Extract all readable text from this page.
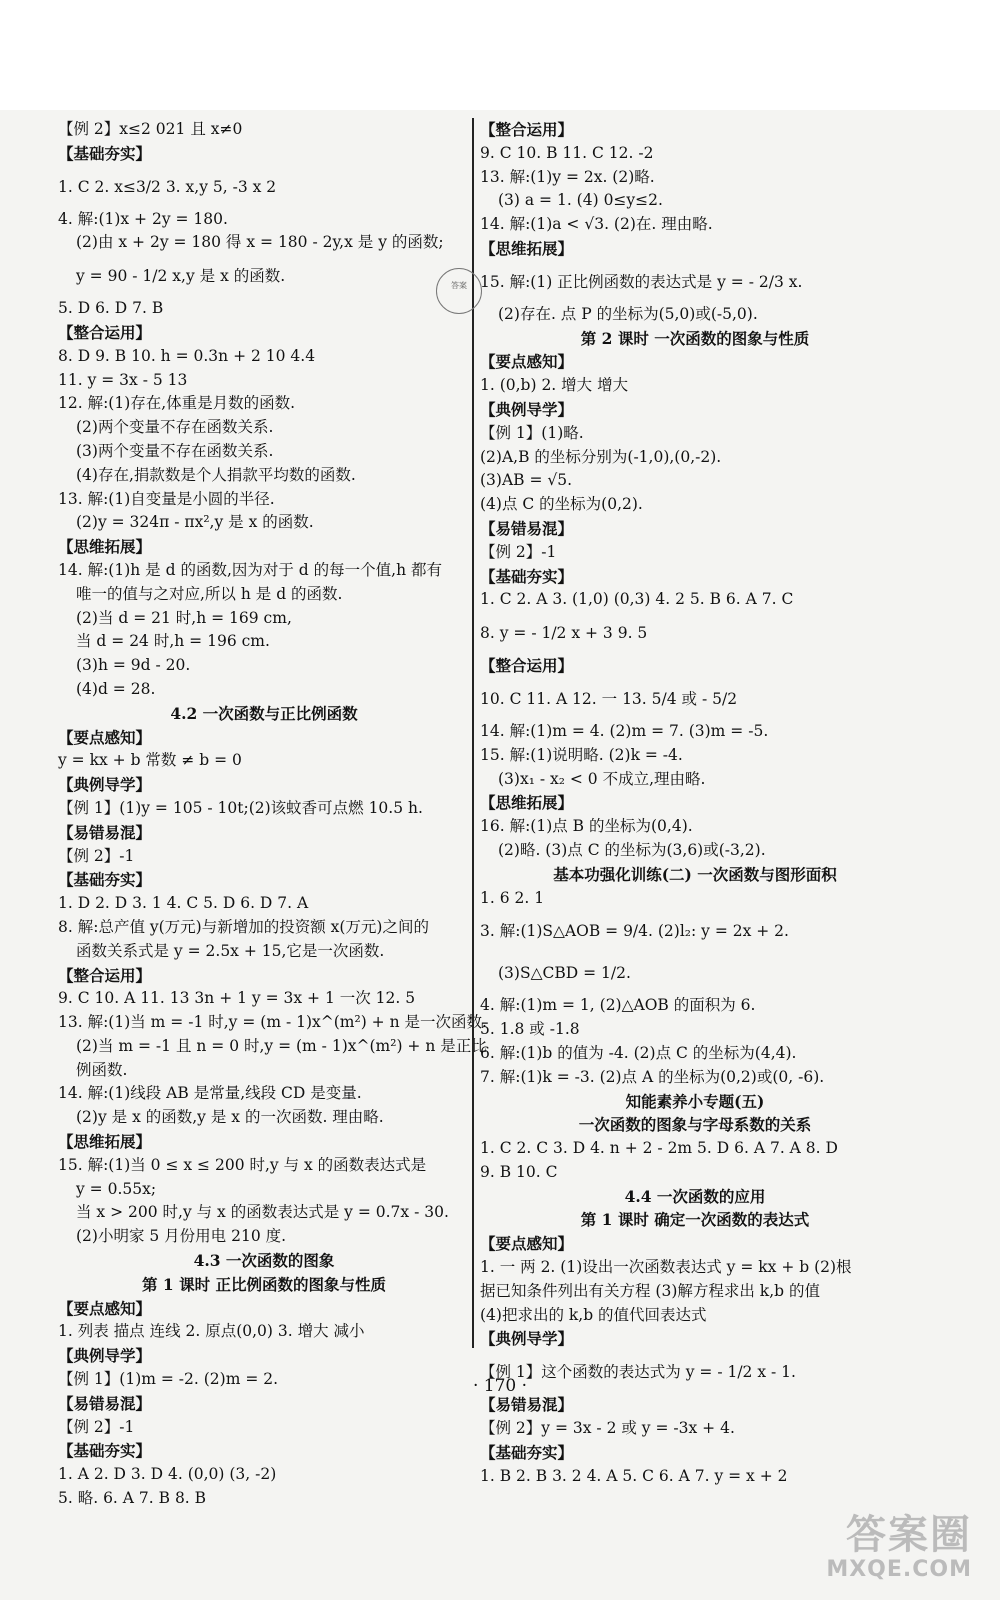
【例 2】x≤2 021 且 x≠0
【基础夯实】
1. C 2. x≤3/2 3. x,y 5, -3 x 2
4. 解:(1)x + 2y = 180.
(2)由 x + 2y = 180 得 x = 180 - 2y,x 是 y 的函数;
y = 90 - 1/2 x,y 是 x 的函数.
5. D 6. D 7. B
【整合运用】
8. D 9. B 10. h = 0.3n + 2 10 4.4
11. y = 3x - 5 13
12. 解:(1)存在,体重是月数的函数.
(2)两个变量不存在函数关系.
(3)两个变量不存在函数关系.
(4)存在,捐款数是个人捐款平均数的函数.
13. 解:(1)自变量是小圆的半径.
(2)y = 324π - πx²,y 是 x 的函数.
【思维拓展】
14. 解:(1)h 是 d 的函数,因为对于 d 的每一个值,h 都有
唯一的值与之对应,所以 h 是 d 的函数.
(2)当 d = 21 时,h = 169 cm,
当 d = 24 时,h = 196 cm.
(3)h = 9d - 20.
(4)d = 28.
4.2 一次函数与正比例函数
【要点感知】
y = kx + b 常数 ≠ b = 0
【典例导学】
【例 1】(1)y = 105 - 10t;(2)该蚊香可点燃 10.5 h.
【易错易混】
【例 2】-1
【基础夯实】
1. D 2. D 3. 1 4. C 5. D 6. D 7. A
8. 解:总产值 y(万元)与新增加的投资额 x(万元)之间的
函数关系式是 y = 2.5x + 15,它是一次函数.
【整合运用】
9. C 10. A 11. 13 3n + 1 y = 3x + 1 一次 12. 5
13. 解:(1)当 m = -1 时,y = (m - 1)x^(m²) + n 是一次函数.
(2)当 m = -1 且 n = 0 时,y = (m - 1)x^(m²) + n 是正比
例函数.
14. 解:(1)线段 AB 是常量,线段 CD 是变量.
(2)y 是 x 的函数,y 是 x 的一次函数. 理由略.
【思维拓展】
15. 解:(1)当 0 ≤ x ≤ 200 时,y 与 x 的函数表达式是
y = 0.55x;
当 x > 200 时,y 与 x 的函数表达式是 y = 0.7x - 30.
(2)小明家 5 月份用电 210 度.
4.3 一次函数的图象
第 1 课时 正比例函数的图象与性质
【要点感知】
1. 列表 描点 连线 2. 原点(0,0) 3. 增大 减小
【典例导学】
【例 1】(1)m = -2. (2)m = 2.
【易错易混】
【例 2】-1
【基础夯实】
1. A 2. D 3. D 4. (0,0) (3, -2)
5. 略. 6. A 7. B 8. B
【整合运用】
9. C 10. B 11. C 12. -2
13. 解:(1)y = 2x. (2)略.
(3) a = 1. (4) 0≤y≤2.
14. 解:(1)a < √3. (2)在. 理由略.
【思维拓展】
15. 解:(1) 正比例函数的表达式是 y = - 2/3 x.
(2)存在. 点 P 的坐标为(5,0)或(-5,0).
第 2 课时 一次函数的图象与性质
【要点感知】
1. (0,b) 2. 增大 增大
【典例导学】
【例 1】(1)略.
(2)A,B 的坐标分别为(-1,0),(0,-2).
(3)AB = √5.
(4)点 C 的坐标为(0,2).
【易错易混】
【例 2】-1
【基础夯实】
1. C 2. A 3. (1,0) (0,3) 4. 2 5. B 6. A 7. C
8. y = - 1/2 x + 3 9. 5
【整合运用】
10. C 11. A 12. 一 13. 5/4 或 - 5/2
14. 解:(1)m = 4. (2)m = 7. (3)m = -5.
15. 解:(1)说明略. (2)k = -4.
(3)x₁ - x₂ < 0 不成立,理由略.
【思维拓展】
16. 解:(1)点 B 的坐标为(0,4).
(2)略. (3)点 C 的坐标为(3,6)或(-3,2).
基本功强化训练(二) 一次函数与图形面积
1. 6 2. 1
3. 解:(1)S△AOB = 9/4. (2)l₂: y = 2x + 2.
(3)S△CBD = 1/2.
4. 解:(1)m = 1, (2)△AOB 的面积为 6.
5. 1.8 或 -1.8
6. 解:(1)b 的值为 -4. (2)点 C 的坐标为(4,4).
7. 解:(1)k = -3. (2)点 A 的坐标为(0,2)或(0, -6).
知能素养小专题(五)
一次函数的图象与字母系数的关系
1. C 2. C 3. D 4. n + 2 - 2m 5. D 6. A 7. A 8. D
9. B 10. C
4.4 一次函数的应用
第 1 课时 确定一次函数的表达式
【要点感知】
1. 一 两 2. (1)设出一次函数表达式 y = kx + b (2)根
据已知条件列出有关方程 (3)解方程求出 k,b 的值
(4)把求出的 k,b 的值代回表达式
【典例导学】
【例 1】这个函数的表达式为 y = - 1/2 x - 1.
【易错易混】
【例 2】y = 3x - 2 或 y = -3x + 4.
【基础夯实】
1. B 2. B 3. 2 4. A 5. C 6. A 7. y = x + 2
答案
· 170 ·
答案圈
MXQE.COM
